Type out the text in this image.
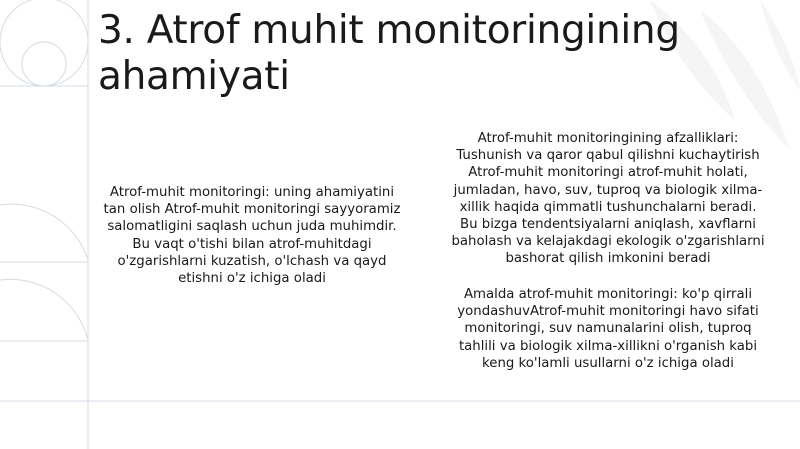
3. Atrof muhit monitoringining ahamiyati

Atrof-muhit monitoringi: uning ahamiyatini tan olish Atrof-muhit monitoringi sayyoramiz salomatligini saqlash uchun juda muhimdir. Bu vaqt o'tishi bilan atrof-muhitdagi o'zgarishlarni kuzatish, o'lchash va qayd etishni o'z ichiga oladi

Atrof-muhit monitoringining afzalliklari: Tushunish va qaror qabul qilishni kuchaytirish Atrof-muhit monitoringi atrof-muhit holati, jumladan, havo, suv, tuproq va biologik xilma-xillik haqida qimmatli tushunchalarni beradi. Bu bizga tendentsiyalarni aniqlash, xavflarni baholash va kelajakdagi ekologik o'zgarishlarni bashorat qilish imkonini beradi

Amalda atrof-muhit monitoringi: ko'p qirrali yondashuvAtrof-muhit monitoringi havo sifati monitoringi, suv namunalarini olish, tuproq tahlili va biologik xilma-xillikni o'rganish kabi keng ko'lamli usullarni o'z ichiga oladi
